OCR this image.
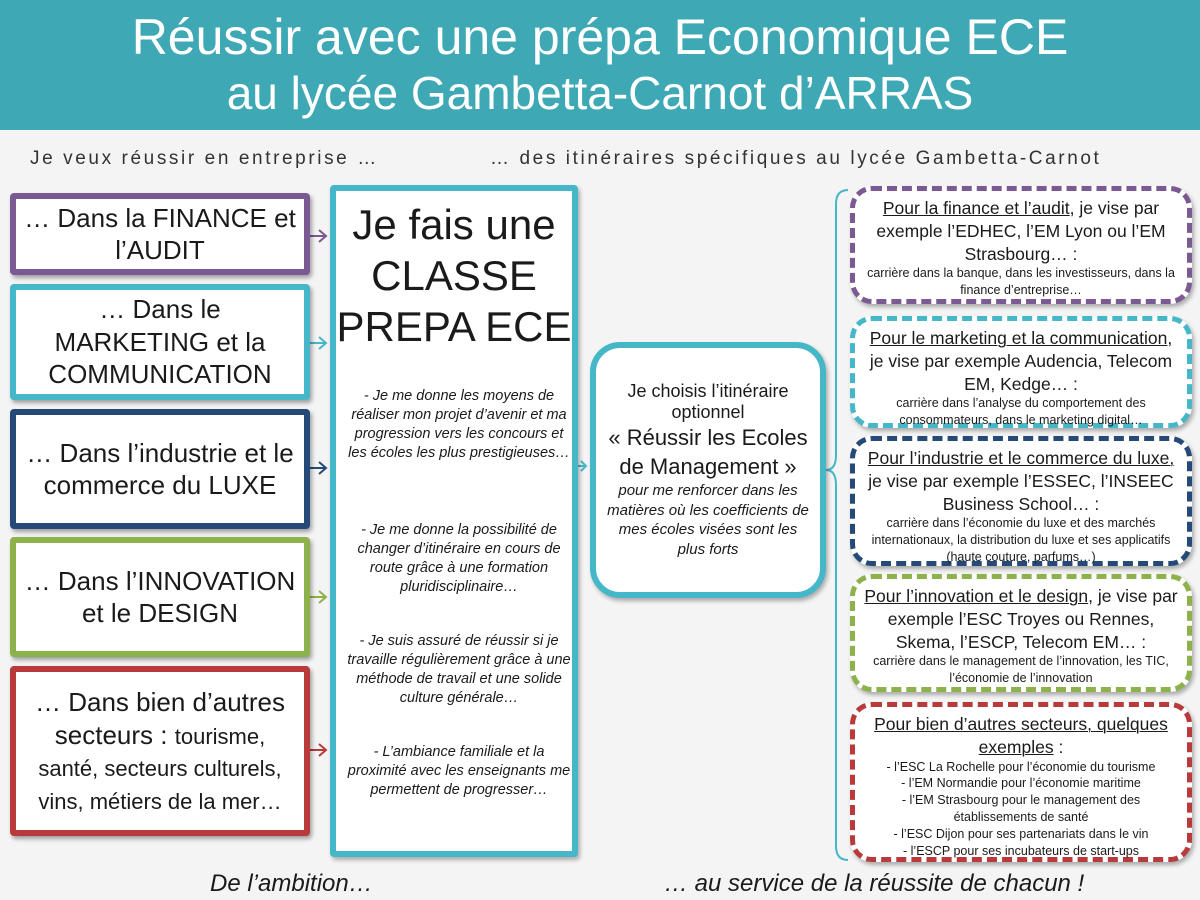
Réussir avec une prépa Economique ECE
au lycée Gambetta-Carnot d’ARRAS
Je veux réussir en entreprise …	… des itinéraires spécifiques au lycée Gambetta-Carnot
… Dans la FINANCE et l’AUDIT
… Dans le MARKETING et la COMMUNICATION
… Dans l’industrie et le commerce du LUXE
… Dans l’INNOVATION et le DESIGN
… Dans bien d’autres secteurs : tourisme, santé, secteurs culturels, vins, métiers de la mer…
Je fais une CLASSE PREPA ECE
- Je me donne les moyens de réaliser mon projet d’avenir et ma progression vers les concours et les écoles les plus prestigieuses…
- Je me donne la possibilité de changer d’itinéraire en cours de route grâce à une formation pluridisciplinaire…
- Je suis assuré de réussir si je travaille régulièrement grâce à une méthode de travail et une solide culture générale…
- L’ambiance familiale et la proximité avec les enseignants me permettent de progresser…
Je choisis l’itinéraire optionnel
« Réussir les Ecoles de Management »
pour me renforcer dans les matières où les coefficients de mes écoles visées sont les plus forts
Pour la finance et l’audit, je vise par exemple l’EDHEC, l’EM Lyon ou l’EM Strasbourg… :
carrière dans la banque, dans les investisseurs, dans la finance d’entreprise…
Pour le marketing et la communication, je vise par exemple Audencia, Telecom EM, Kedge… :
carrière dans l’analyse du comportement des consommateurs, dans le marketing digital…
Pour l’industrie et le commerce du luxe, je vise par exemple l’ESSEC, l’INSEEC Business School… :
carrière dans l’économie du luxe et des marchés internationaux, la distribution du luxe et ses applicatifs (haute couture, parfums…)
Pour l’innovation et le design, je vise par exemple l’ESC Troyes ou Rennes, Skema, l’ESCP, Telecom EM… :
carrière dans le management de l’innovation, les TIC, l’économie de l’innovation
Pour bien d’autres secteurs, quelques exemples :
- l’ESC La Rochelle pour l’économie du tourisme
- l’EM Normandie pour l’économie maritime
- l’EM Strasbourg pour le management des établissements de santé
- l’ESC Dijon pour ses partenariats dans le vin
- l’ESCP pour ses incubateurs de start-ups
De l’ambition…	… au service de la réussite de chacun !
